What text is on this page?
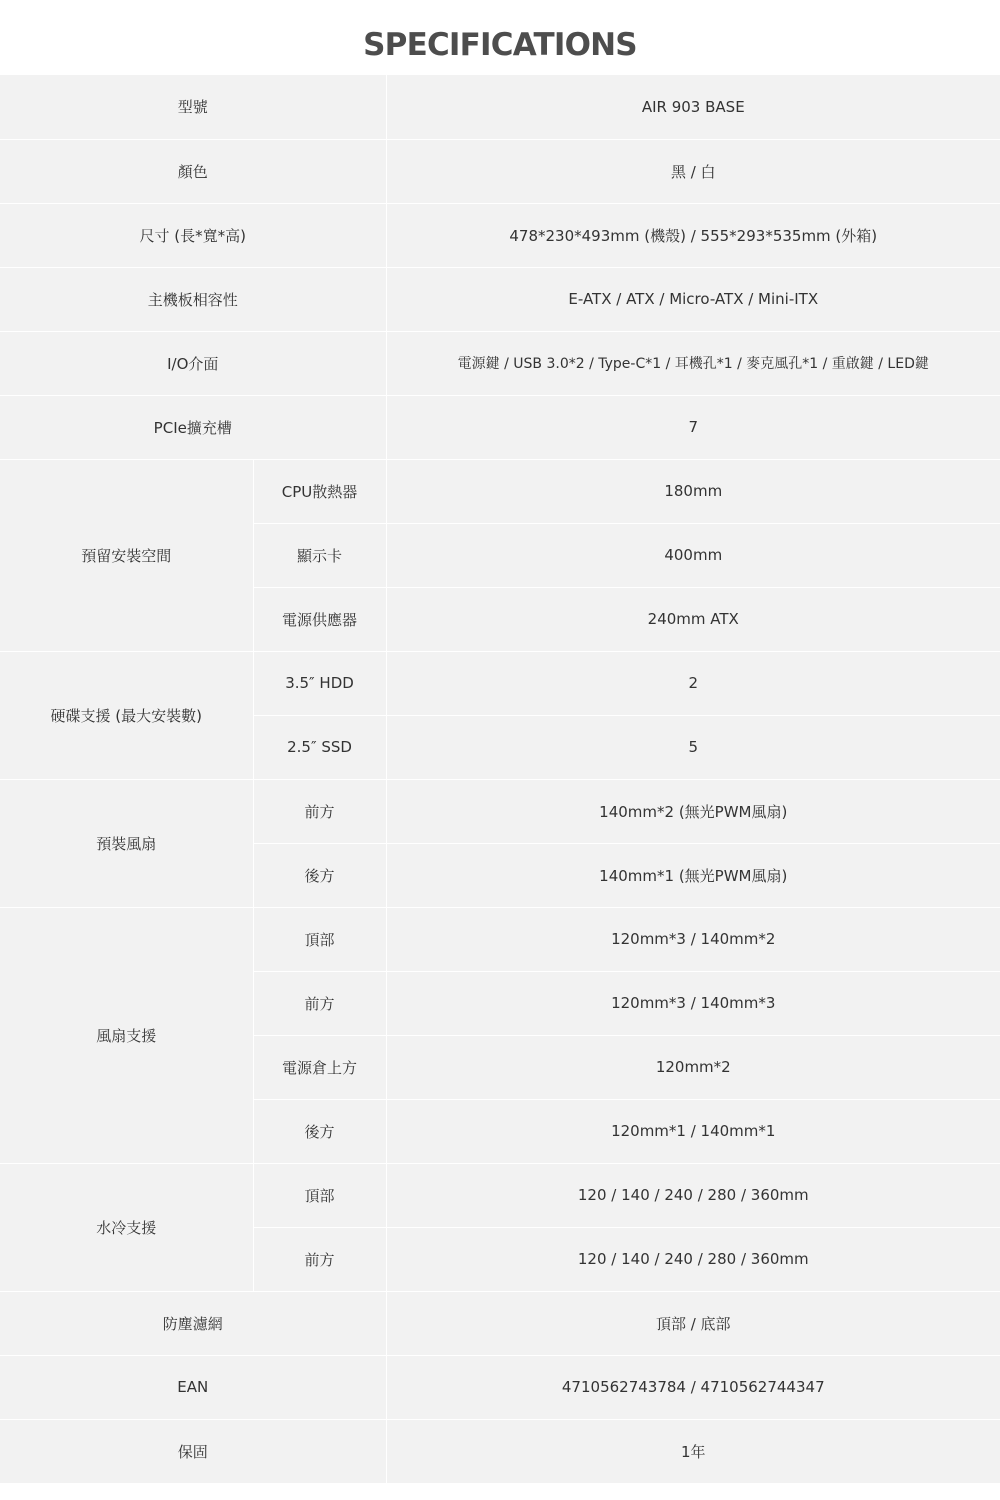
SPECIFICATIONS
型號		AIR 903 BASE
顏色		黑 / 白
尺寸 (長*寬*高)		478*230*493mm (機殼) / 555*293*535mm (外箱)
主機板相容性		E-ATX / ATX / Micro-ATX / Mini-ITX
I/O介面		電源鍵 / USB 3.0*2 / Type-C*1 / 耳機孔*1 / 麥克風孔*1 / 重啟鍵 / LED鍵
PCIe擴充槽		7
預留安裝空間	CPU散熱器	180mm
	顯示卡	400mm
	電源供應器	240mm ATX
硬碟支援 (最大安裝數)	3.5″ HDD	2
	2.5″ SSD	5
預裝風扇	前方	140mm*2 (無光PWM風扇)
	後方	140mm*1 (無光PWM風扇)
風扇支援	頂部	120mm*3 / 140mm*2
	前方	120mm*3 / 140mm*3
	電源倉上方	120mm*2
	後方	120mm*1 / 140mm*1
水冷支援	頂部	120 / 140 / 240 / 280 / 360mm
	前方	120 / 140 / 240 / 280 / 360mm
防塵濾網		頂部 / 底部
EAN		4710562743784 / 4710562744347
保固		1年
